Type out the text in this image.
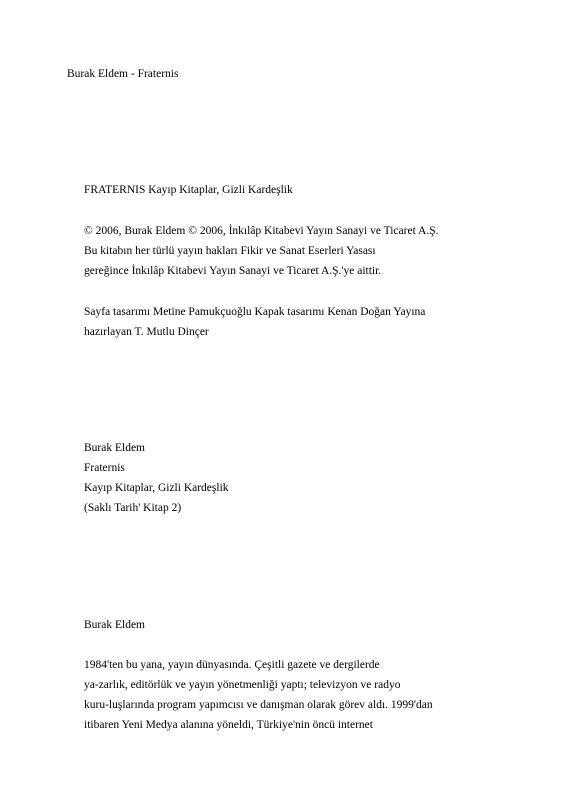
Burak Eldem - Fraternis
FRATERNIS Kayıp Kitaplar, Gizli Kardeşlik
© 2006, Burak Eldem © 2006, İnkılâp Kitabevi Yayın Sanayi ve Ticaret A.Ş.
Bu kitabın her türlü yayın hakları Fikir ve Sanat Eserleri Yasası
gereğince İnkılâp Kitabevi Yayın Sanayi ve Ticaret A.Ş.'ye aittir.
Sayfa tasarımı Metine Pamukçuoğlu Kapak tasarımı Kenan Doğan Yayına
hazırlayan T. Mutlu Dinçer
Burak Eldem
Fraternis
Kayıp Kitaplar, Gizli Kardeşlik
(Saklı Tarih' Kitap 2)
Burak Eldem
1984'ten bu yana, yayın dünyasında. Çeşitli gazete ve dergilerde
ya-zarlık, editörlük ve yayın yönetmenliği yaptı; televizyon ve radyo
kuru-luşlarında program yapımcısı ve danışman olarak görev aldı. 1999'dan
itibaren Yeni Medya alanına yöneldi, Türkiye'nin öncü internet
